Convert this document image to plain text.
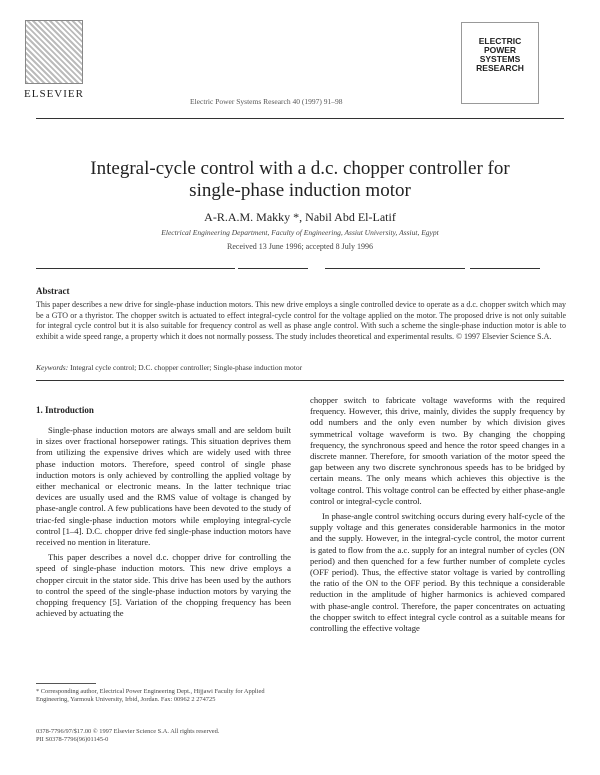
ELSEVIER
Electric Power Systems Research 40 (1997) 91–98
ELECTRIC
POWER
SYSTEMS
RESEARCH
Integral-cycle control with a d.c. chopper controller for
single-phase induction motor
A-R.A.M. Makky *, Nabil Abd El-Latif
Electrical Engineering Department, Faculty of Engineering, Assiut University, Assiut, Egypt
Received 13 June 1996; accepted 8 July 1996
Abstract
This paper describes a new drive for single-phase induction motors. This new drive employs a single controlled device to operate as a d.c. chopper switch which may be a GTO or a thyristor. The chopper switch is actuated to effect integral-cycle control for the voltage applied on the motor. The proposed drive is not only suitable for integral cycle control but it is also suitable for frequency control as well as phase angle control. With such a scheme the single-phase induction motor is able to exhibit a wide speed range, a property which it does not normally possess. The study includes theoretical and experimental results. © 1997 Elsevier Science S.A.
Keywords: Integral cycle control; D.C. chopper controller; Single-phase induction motor
1. Introduction

Single-phase induction motors are always small and are seldom built in sizes over fractional horsepower ratings. This situation deprives them from utilizing the expensive drives which are widely used with three phase induction motors. Therefore, speed control of single phase induction motors is only achieved by controlling the applied voltage by either mechanical or electronic means. In the latter technique triac devices are usually used and the RMS value of voltage is changed by phase-angle control. A few publications have been devoted to the study of triac-fed single-phase induction motors while employing integral-cycle control [1–4]. D.C. chopper drive fed single-phase induction motors have received no mention in literature.

This paper describes a novel d.c. chopper drive for controlling the speed of single-phase induction motors. This new drive employs a chopper circuit in the stator side. This drive has been used by the authors to control the speed of the single-phase induction motors by varying the chopping frequency [5]. Variation of the chopping frequency has been achieved by actuating the

chopper switch to fabricate voltage waveforms with the required frequency. However, this drive, mainly, divides the supply frequency by odd numbers and the only even number by which division gives symmetrical voltage waveform is two. By changing the chopping frequency, the synchronous speed and hence the rotor speed changes in a discrete manner. Therefore, for smooth variation of the motor speed the gap between any two discrete synchronous speeds has to be bridged by certain means. The only means which achieves this objective is the voltage control. This voltage control can be effected by either phase-angle control or integral-cycle control.

In phase-angle control switching occurs during every half-cycle of the supply voltage and this generates considerable harmonics in the motor and the supply. However, in the integral-cycle control, the motor current is gated to flow from the a.c. supply for an integral number of cycles (ON period) and then quenched for a few further number of complete cycles (OFF period). Thus, the effective stator voltage is varied by controlling the ratio of the ON to the OFF period. By this technique a considerable reduction in the amplitude of higher harmonics is achieved compared with phase-angle control. Therefore, the paper concentrates on actuating the chopper switch to effect integral cycle control as a suitable means for controlling the effective voltage

* Corresponding author, Electrical Power Engineering Dept., Hijjawi Faculty for Applied Engineering, Yarmouk University, Irbid, Jordan. Fax: 00962 2 274725
0378-7796/97/$17.00 © 1997 Elsevier Science S.A. All rights reserved.
PII S0378-7796(96)01145-0
